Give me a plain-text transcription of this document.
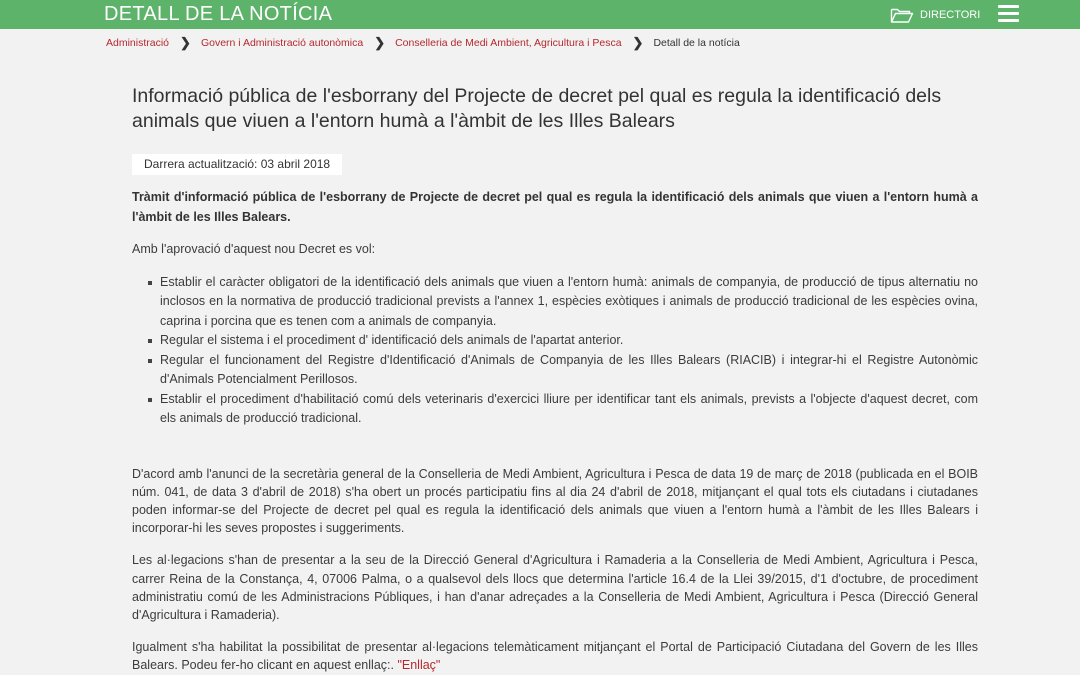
DETALL DE LA NOTÍCIA	DIRECTORI
Administració ❯ Govern i Administració autonòmica ❯ Conselleria de Medi Ambient, Agricultura i Pesca ❯ Detall de la notícia
Informació pública de l'esborrany del Projecte de decret pel qual es regula la identificació dels animals que viuen a l'entorn humà a l'àmbit de les Illes Balears
Darrera actualització: 03 abril 2018

Tràmit d'informació pública de l'esborrany de Projecte de decret pel qual es regula la identificació dels animals que viuen a l'entorn humà a l'àmbit de les Illes Balears.

Amb l'aprovació d'aquest nou Decret es vol:

Establir el caràcter obligatori de la identificació dels animals que viuen a l'entorn humà: animals de companyia, de producció de tipus alternatiu no inclosos en la normativa de producció tradicional prevists a l'annex 1, espècies exòtiques i animals de producció tradicional de les espècies ovina, caprina i porcina que es tenen com a animals de companyia.
Regular el sistema i el procediment d' identificació dels animals de l'apartat anterior.
Regular el funcionament del Registre d'Identificació d'Animals de Companyia de les Illes Balears (RIACIB) i integrar-hi el Registre Autonòmic d'Animals Potencialment Perillosos.
Establir el procediment d'habilitació comú dels veterinaris d'exercici lliure per identificar tant els animals, prevists a l'objecte d'aquest decret, com els animals de producció tradicional.

D'acord amb l'anunci de la secretària general de la Conselleria de Medi Ambient, Agricultura i Pesca de data 19 de març de 2018 (publicada en el BOIB núm. 041, de data 3 d'abril de 2018) s'ha obert un procés participatiu fins al dia 24 d'abril de 2018, mitjançant el qual tots els ciutadans i ciutadanes poden informar-se del Projecte de decret pel qual es regula la identificació dels animals que viuen a l'entorn humà a l'àmbit de les Illes Balears i incorporar-hi les seves propostes i suggeriments.

Les al·legacions s'han de presentar a la seu de la Direcció General d'Agricultura i Ramaderia a la Conselleria de Medi Ambient, Agricultura i Pesca, carrer Reina de la Constança, 4, 07006 Palma, o a qualsevol dels llocs que determina l'article 16.4 de la Llei 39/2015, d'1 d'octubre, de procediment administratiu comú de les Administracions Públiques, i han d'anar adreçades a la Conselleria de Medi Ambient, Agricultura i Pesca (Direcció General d'Agricultura i Ramaderia).

Igualment s'ha habilitat la possibilitat de presentar al·legacions telemàticament mitjançant el Portal de Participació Ciutadana del Govern de les Illes Balears. Podeu fer-ho clicant en aquest enllaç:. "Enllaç"
